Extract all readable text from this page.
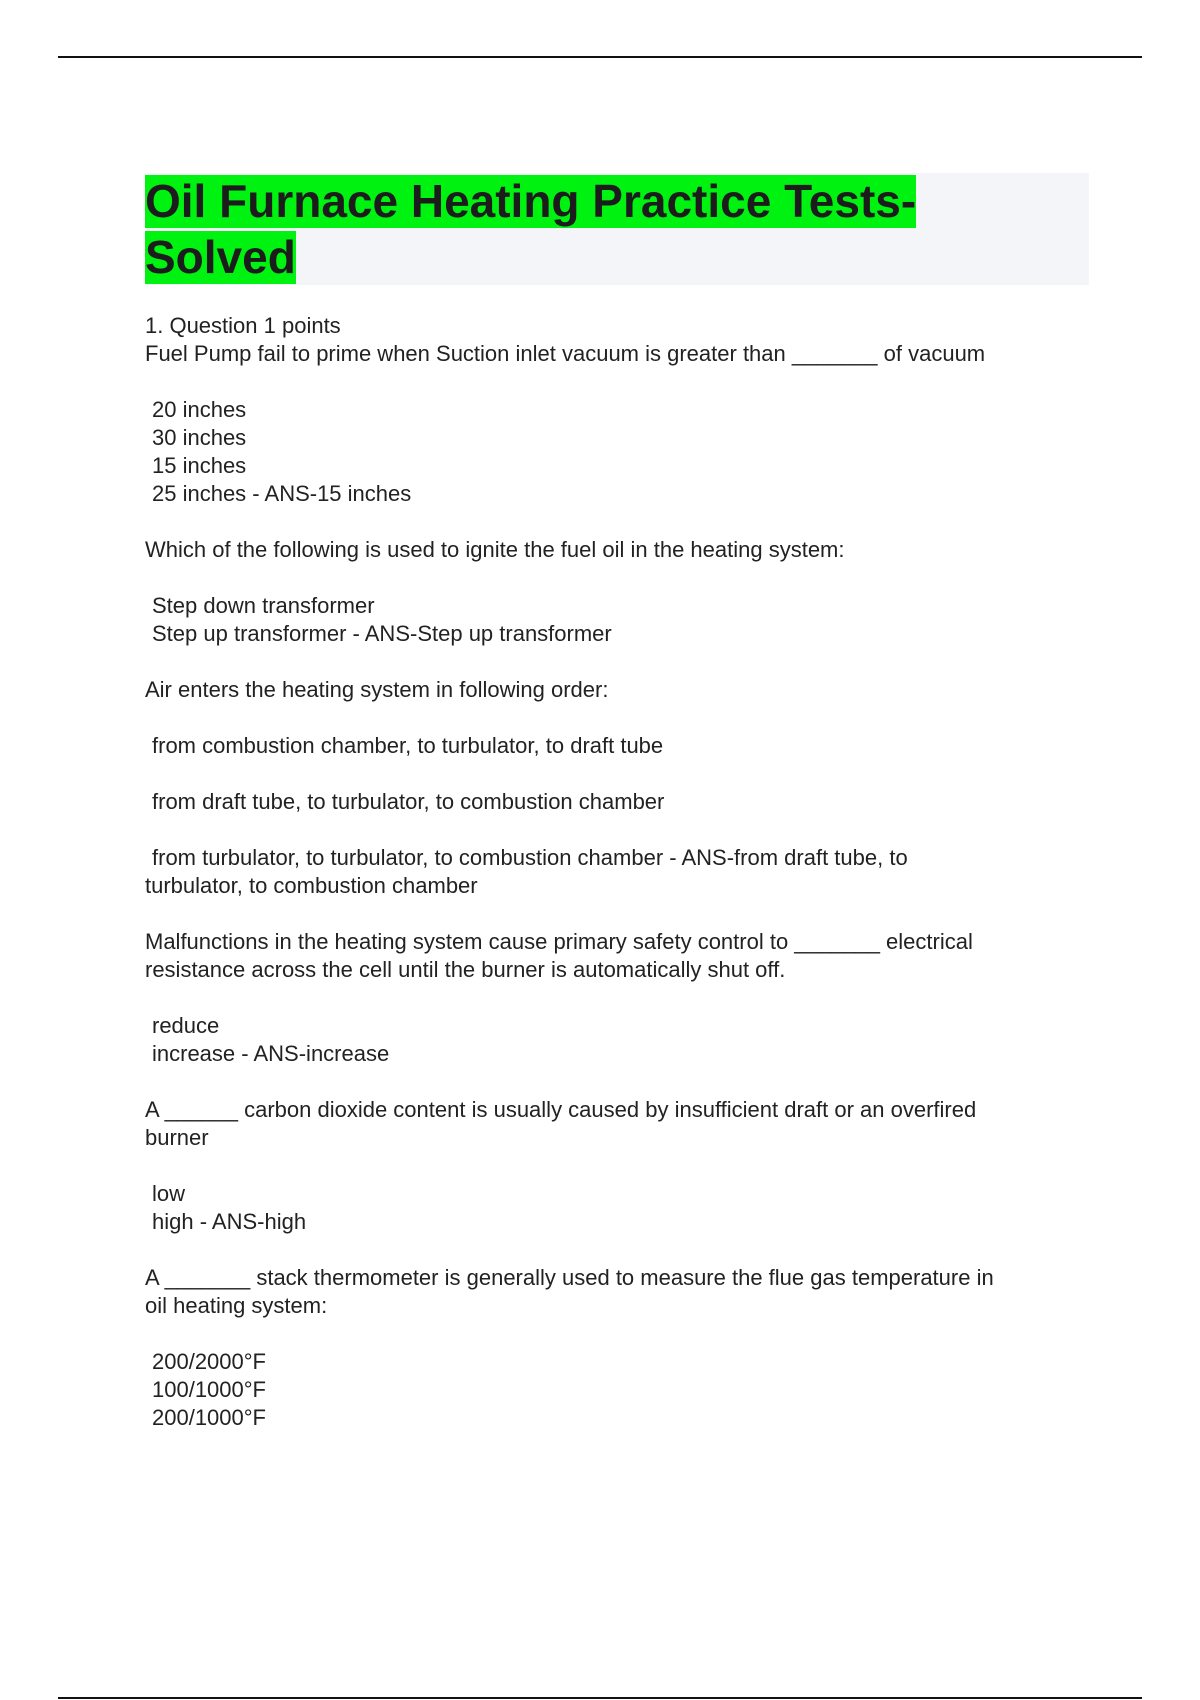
Oil Furnace Heating Practice Tests-
Solved

1. Question 1 points

Fuel Pump fail to prime when Suction inlet vacuum is greater than _______ of vacuum

20 inches

30 inches

15 inches

25 inches - ANS-15 inches

Which of the following is used to ignite the fuel oil in the heating system:

Step down transformer

Step up transformer - ANS-Step up transformer

Air enters the heating system in following order:

from combustion chamber, to turbulator, to draft tube

from draft tube, to turbulator, to combustion chamber

from turbulator, to turbulator, to combustion chamber - ANS-from draft tube, to

turbulator, to combustion chamber

Malfunctions in the heating system cause primary safety control to _______ electrical

resistance across the cell until the burner is automatically shut off.

reduce

increase - ANS-increase

A ______ carbon dioxide content is usually caused by insufficient draft or an overfired

burner

low

high - ANS-high

A _______ stack thermometer is generally used to measure the flue gas temperature in

oil heating system:

200/2000°F

100/1000°F

200/1000°F
